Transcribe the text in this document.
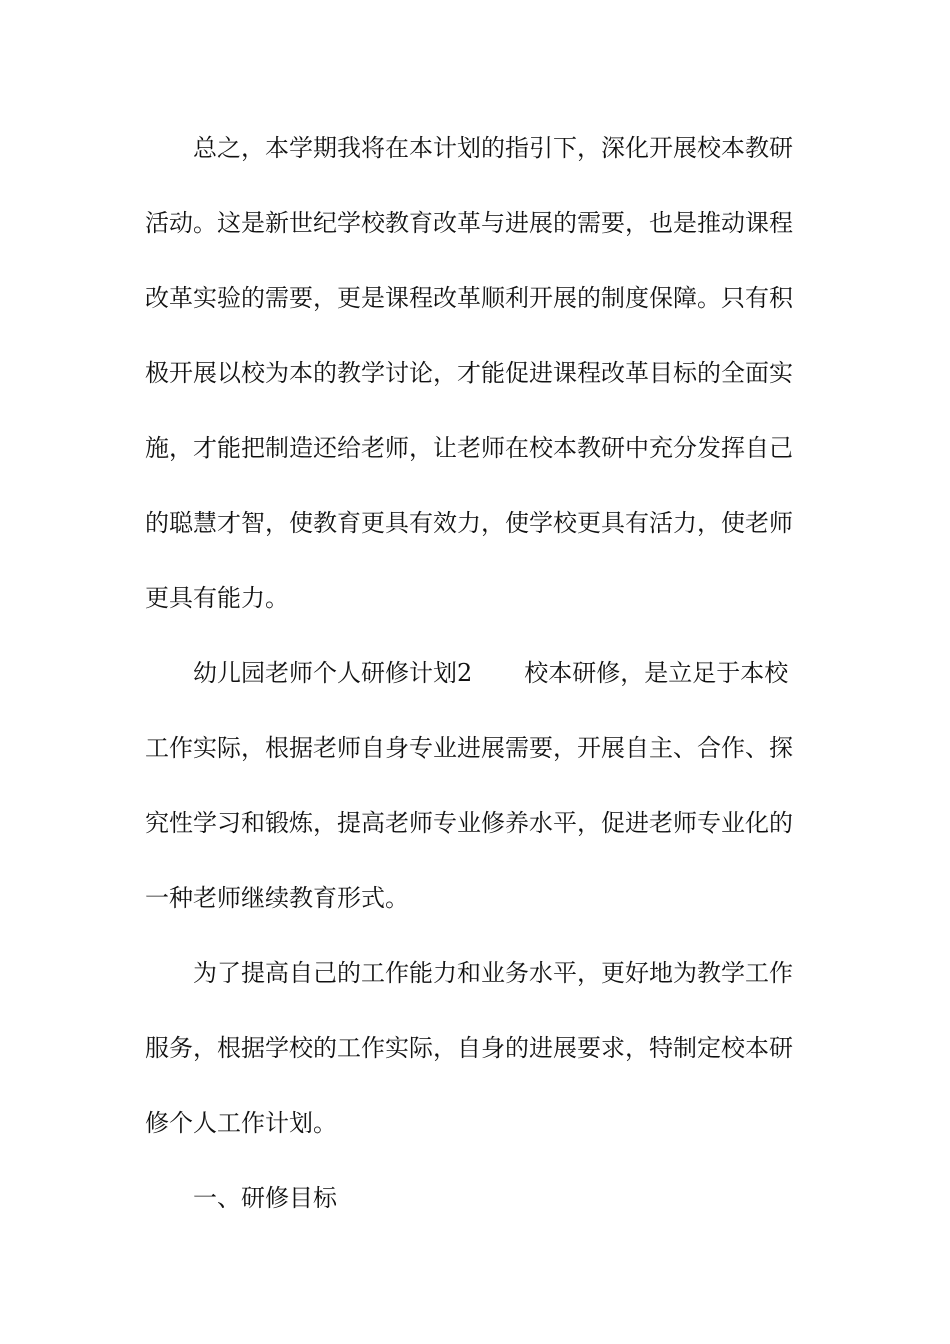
总之，本学期我将在本计划的指引下，深化开展校本教研
活动。这是新世纪学校教育改革与进展的需要，也是推动课程
改革实验的需要，更是课程改革顺利开展的制度保障。只有积
极开展以校为本的教学讨论，才能促进课程改革目标的全面实
施，才能把制造还给老师，让老师在校本教研中充分发挥自己
的聪慧才智，使教育更具有效力，使学校更具有活力，使老师
更具有能力。
幼儿园老师个人研修计划2 校本研修，是立足于本校
工作实际，根据老师自身专业进展需要，开展自主、合作、探
究性学习和锻炼，提高老师专业修养水平，促进老师专业化的
一种老师继续教育形式。
为了提高自己的工作能力和业务水平，更好地为教学工作
服务，根据学校的工作实际，自身的进展要求，特制定校本研
修个人工作计划。
一、研修目标
